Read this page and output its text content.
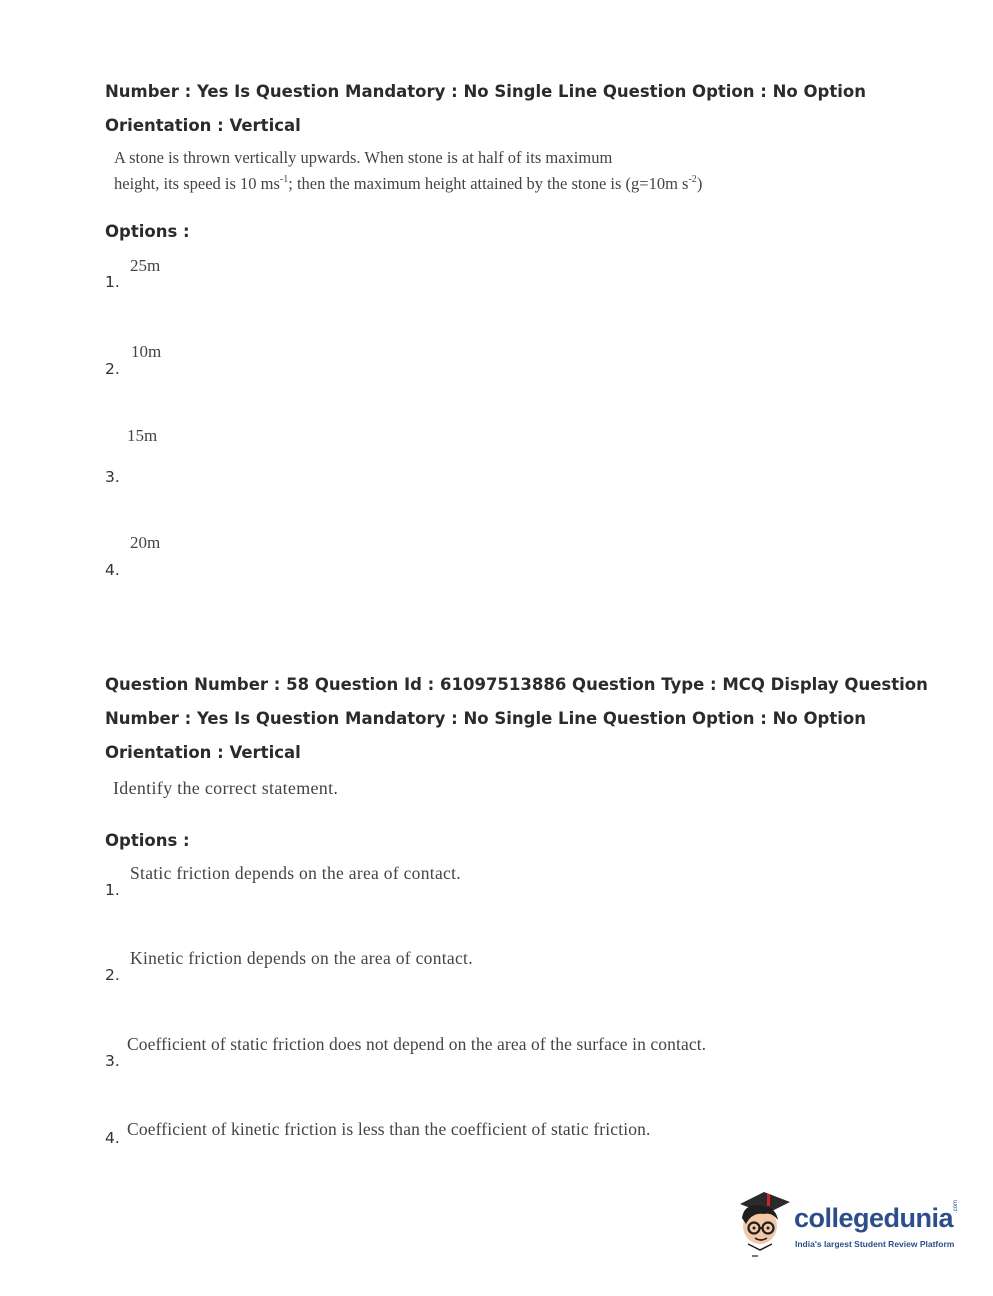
Number : Yes Is Question Mandatory : No Single Line Question Option : No Option
Orientation : Vertical
A stone is thrown vertically upwards. When stone is at half of its maximum
height, its speed is 10 $ms^{-1}$; then the maximum height attained by the stone is (g=10m $s^{-2}$)
Options :
1.
25m
2.
10m
3.
15m
4.
20m
Question Number : 58 Question Id : 61097513886 Question Type : MCQ Display Question
Number : Yes Is Question Mandatory : No Single Line Question Option : No Option
Orientation : Vertical
Identify the correct statement.
Options :
1.
Static friction depends on the area of contact.
2.
Kinetic friction depends on the area of contact.
3.
Coefficient of static friction does not depend on the area of the surface in contact.
4. Coefficient of kinetic friction is less than the coefficient of static friction.
collegedunia .com
India's largest Student Review Platform
